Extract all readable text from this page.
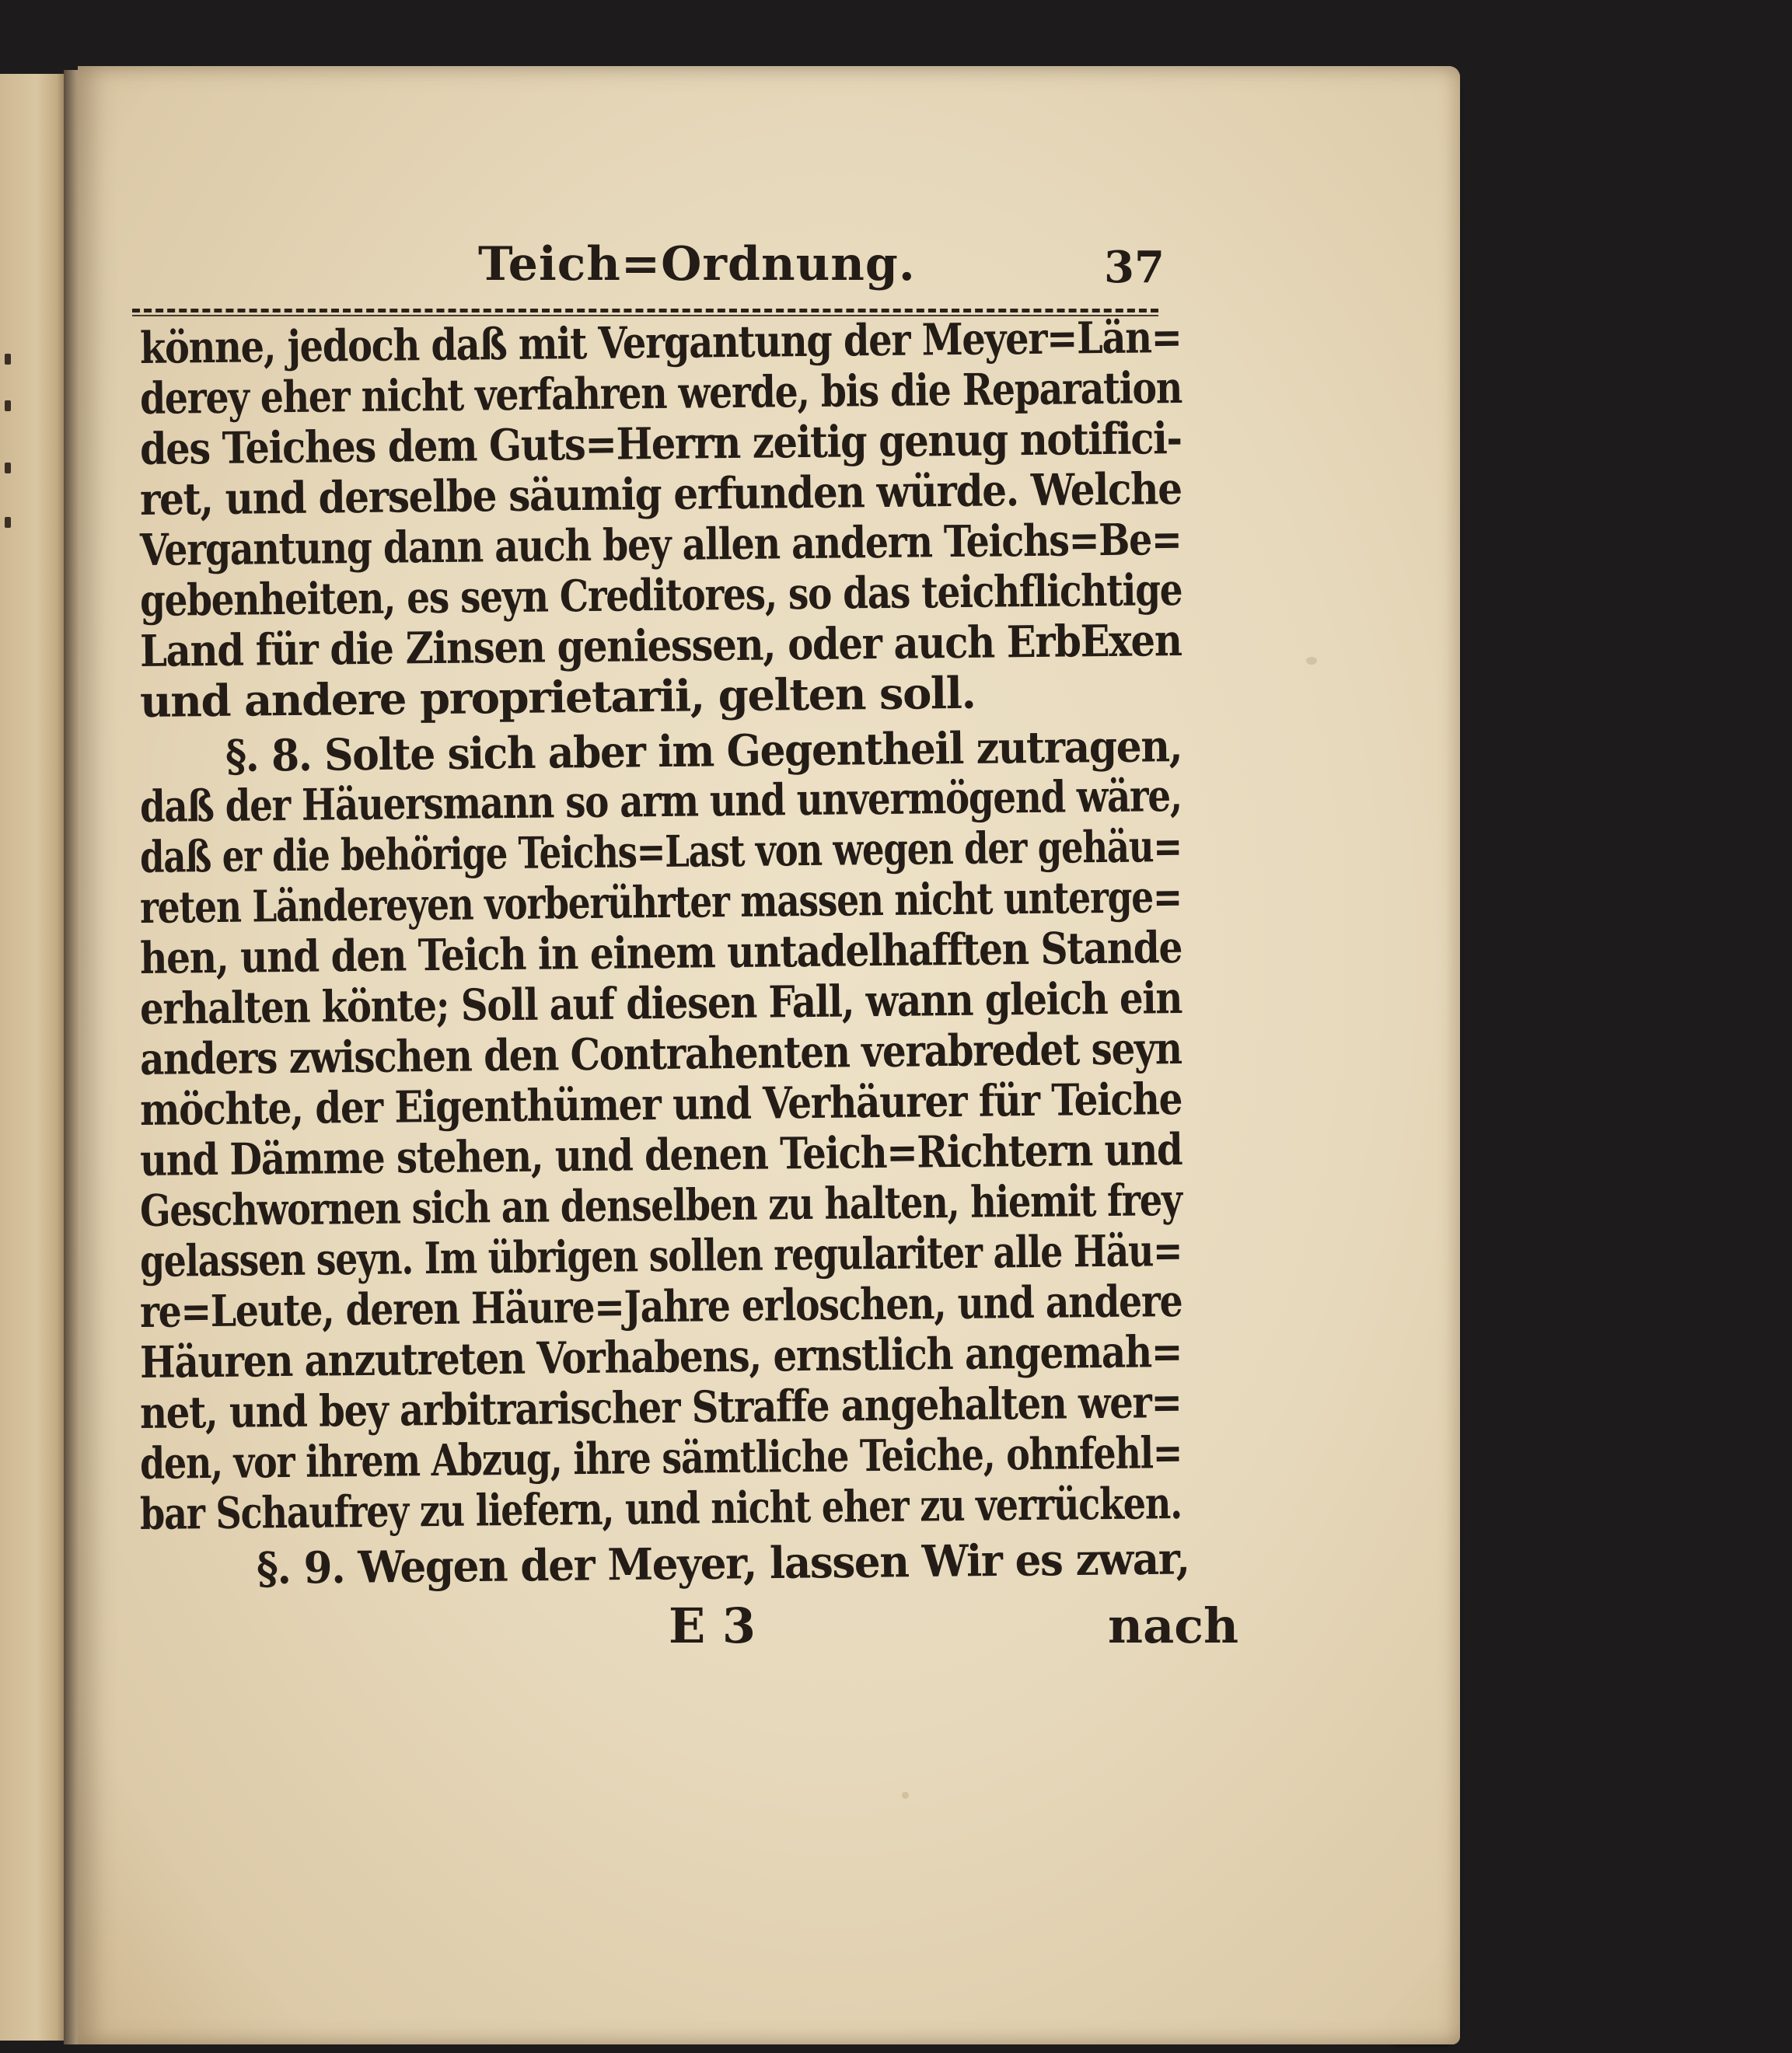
Teich=Ordnung.	37
könne, jedoch daß mit Vergantung der Meyer=Län=
derey eher nicht verfahren werde, bis die Reparation
des Teiches dem Guts=Herrn zeitig genug notifici-
ret, und derselbe säumig erfunden würde. Welche
Vergantung dann auch bey allen andern Teichs=Be=
gebenheiten, es seyn Creditores, so das teichflichtige
Land für die Zinsen geniessen, oder auch ErbExen
und andere proprietarii, gelten soll.
§. 8. Solte sich aber im Gegentheil zutragen,
daß der Häuersmann so arm und unvermögend wäre,
daß er die behörige Teichs=Last von wegen der gehäu=
reten Ländereyen vorberührter massen nicht unterge=
hen, und den Teich in einem untadelhafften Stande
erhalten könte; Soll auf diesen Fall, wann gleich ein
anders zwischen den Contrahenten verabredet seyn
möchte, der Eigenthümer und Verhäurer für Teiche
und Dämme stehen, und denen Teich=Richtern und
Geschwornen sich an denselben zu halten, hiemit frey
gelassen seyn. Im übrigen sollen regulariter alle Häu=
re=Leute, deren Häure=Jahre erloschen, und andere
Häuren anzutreten Vorhabens, ernstlich angemah=
net, und bey arbitrarischer Straffe angehalten wer=
den, vor ihrem Abzug, ihre sämtliche Teiche, ohnfehl=
bar Schaufrey zu liefern, und nicht eher zu verrücken.
§. 9. Wegen der Meyer, lassen Wir es zwar,
E 3	nach
